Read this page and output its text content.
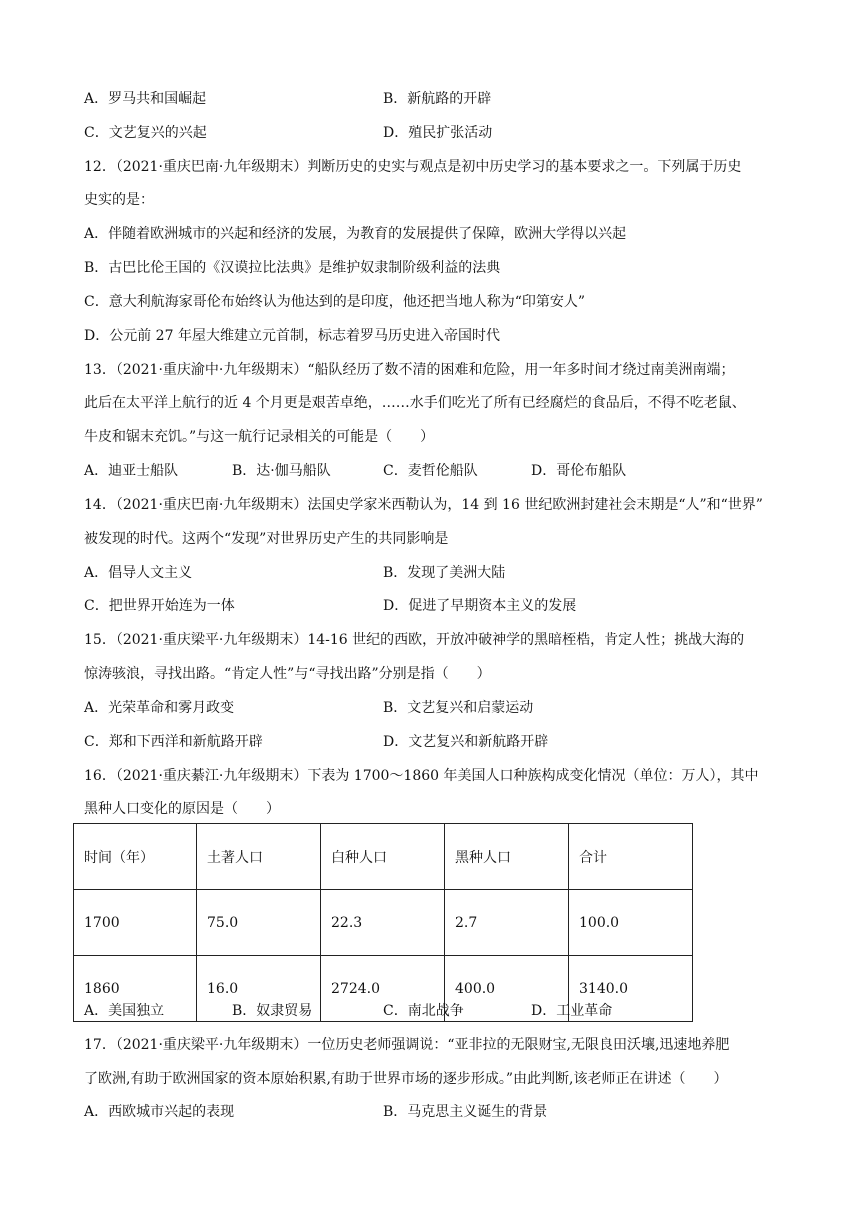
A．罗马共和国崛起	B．新航路的开辟
C．文艺复兴的兴起	D．殖民扩张活动
12．（2021·重庆巴南·九年级期末）判断历史的史实与观点是初中历史学习的基本要求之一。下列属于历史
史实的是：
A．伴随着欧洲城市的兴起和经济的发展，为教育的发展提供了保障，欧洲大学得以兴起
B．古巴比伦王国的《汉谟拉比法典》是维护奴隶制阶级利益的法典
C．意大利航海家哥伦布始终认为他达到的是印度，他还把当地人称为“印第安人”
D．公元前 27 年屋大维建立元首制，标志着罗马历史进入帝国时代
13．（2021·重庆渝中·九年级期末）“船队经历了数不清的困难和危险，用一年多时间才绕过南美洲南端；
此后在太平洋上航行的近 4 个月更是艰苦卓绝，……水手们吃光了所有已经腐烂的食品后，不得不吃老鼠、
牛皮和锯末充饥。”与这一航行记录相关的可能是（　　）
A．迪亚士船队	B．达·伽马船队	C．麦哲伦船队	D．哥伦布船队
14．（2021·重庆巴南·九年级期末）法国史学家米西勒认为，14 到 16 世纪欧洲封建社会末期是“人”和“世界”
被发现的时代。这两个“发现”对世界历史产生的共同影响是
A．倡导人文主义	B．发现了美洲大陆
C．把世界开始连为一体	D．促进了早期资本主义的发展
15．（2021·重庆梁平·九年级期末）14-16 世纪的西欧，开放冲破神学的黑暗桎梏，肯定人性；挑战大海的
惊涛骇浪，寻找出路。“肯定人性”与“寻找出路”分别是指（　　）
A．光荣革命和雾月政变	B．文艺复兴和启蒙运动
C．郑和下西洋和新航路开辟	D．文艺复兴和新航路开辟
16．（2021·重庆綦江·九年级期末）下表为 1700～1860 年美国人口种族构成变化情况（单位：万人），其中
黑种人口变化的原因是（　　）
时间（年）	土著人口	白种人口	黑种人口	合计
1700	75.0	22.3	2.7	100.0
1860	16.0	2724.0	400.0	3140.0
A．美国独立	B．奴隶贸易	C．南北战争	D．工业革命
17．（2021·重庆梁平·九年级期末）一位历史老师强调说：“亚非拉的无限财宝,无限良田沃壤,迅速地养肥
了欧洲,有助于欧洲国家的资本原始积累,有助于世界市场的逐步形成。”由此判断,该老师正在讲述（　　）
A．西欧城市兴起的表现	B．马克思主义诞生的背景
